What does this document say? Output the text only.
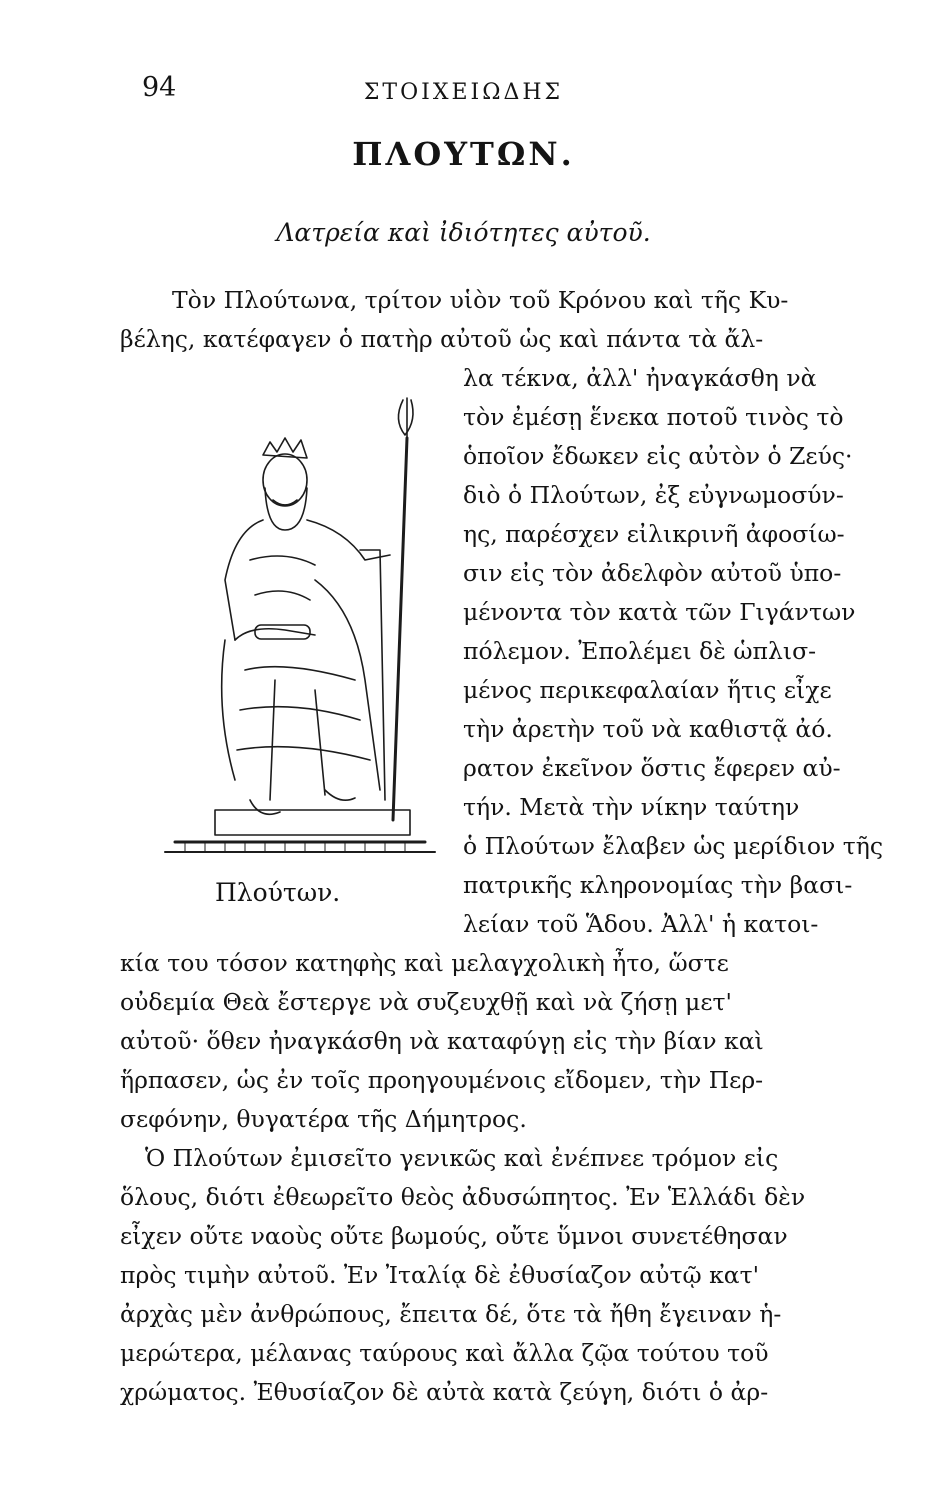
94	ΣΤΟΙΧΕΙΩΔΗΣ
ΠΛΟΥΤΩΝ.
Λατρεία καὶ ἰδιότητες αὐτοῦ.
Τὸν Πλούτωνα, τρίτον υἱὸν τοῦ Κρόνου καὶ τῆς Κυ-
βέλης, κατέφαγεν ὁ πατὴρ αὐτοῦ ὡς καὶ πάντα τὰ ἄλ-
λα τέκνα, ἀλλ' ἠναγκάσθη νὰ
τὸν ἐμέσῃ ἕνεκα ποτοῦ τινὸς τὸ
ὁποῖον ἔδωκεν εἰς αὐτὸν ὁ Ζεύς·
διὸ ὁ Πλούτων, ἐξ εὐγνωμοσύν-
ης, παρέσχεν εἰλικρινῆ ἀφοσίω-
σιν εἰς τὸν ἀδελφὸν αὐτοῦ ὑπο-
μένοντα τὸν κατὰ τῶν Γιγάντων
πόλεμον. Ἐπολέμει δὲ ὡπλισ-
μένος περικεφαλαίαν ἥτις εἶχε
τὴν ἀρετὴν τοῦ νὰ καθιστᾷ ἀό.
ρατον ἐκεῖνον ὅστις ἔφερεν αὐ-
τήν. Μετὰ τὴν νίκην ταύτην
ὁ Πλούτων ἔλαβεν ὡς μερίδιον τῆς
πατρικῆς κληρονομίας τὴν βασι-
λείαν τοῦ Ἅδου. Ἀλλ' ἡ κατοι-
κία του τόσον κατηφὴς καὶ μελαγχολικὴ ἦτο, ὥστε
οὐδεμία Θεὰ ἔστεργε νὰ συζευχθῇ καὶ νὰ ζήσῃ μετ'
αὐτοῦ· ὅθεν ἠναγκάσθη νὰ καταφύγῃ εἰς τὴν βίαν καὶ
ἥρπασεν, ὡς ἐν τοῖς προηγουμένοις εἴδομεν, τὴν Περ-
σεφόνην, θυγατέρα τῆς Δήμητρος.
Ὁ Πλούτων ἐμισεῖτο γενικῶς καὶ ἐνέπνεε τρόμον εἰς
ὅλους, διότι ἐθεωρεῖτο θεὸς ἀδυσώπητος. Ἐν Ἑλλάδι δὲν
εἶχεν οὔτε ναοὺς οὔτε βωμούς, οὔτε ὕμνοι συνετέθησαν
πρὸς τιμὴν αὐτοῦ. Ἐν Ἰταλίᾳ δὲ ἐθυσίαζον αὐτῷ κατ'
ἀρχὰς μὲν ἀνθρώπους, ἔπειτα δέ, ὅτε τὰ ἤθη ἔγειναν ἡ-
μερώτερα, μέλανας ταύρους καὶ ἄλλα ζῷα τούτου τοῦ
χρώματος. Ἐθυσίαζον δὲ αὐτὰ κατὰ ζεύγη, διότι ὁ ἀρ-
Πλούτων.
